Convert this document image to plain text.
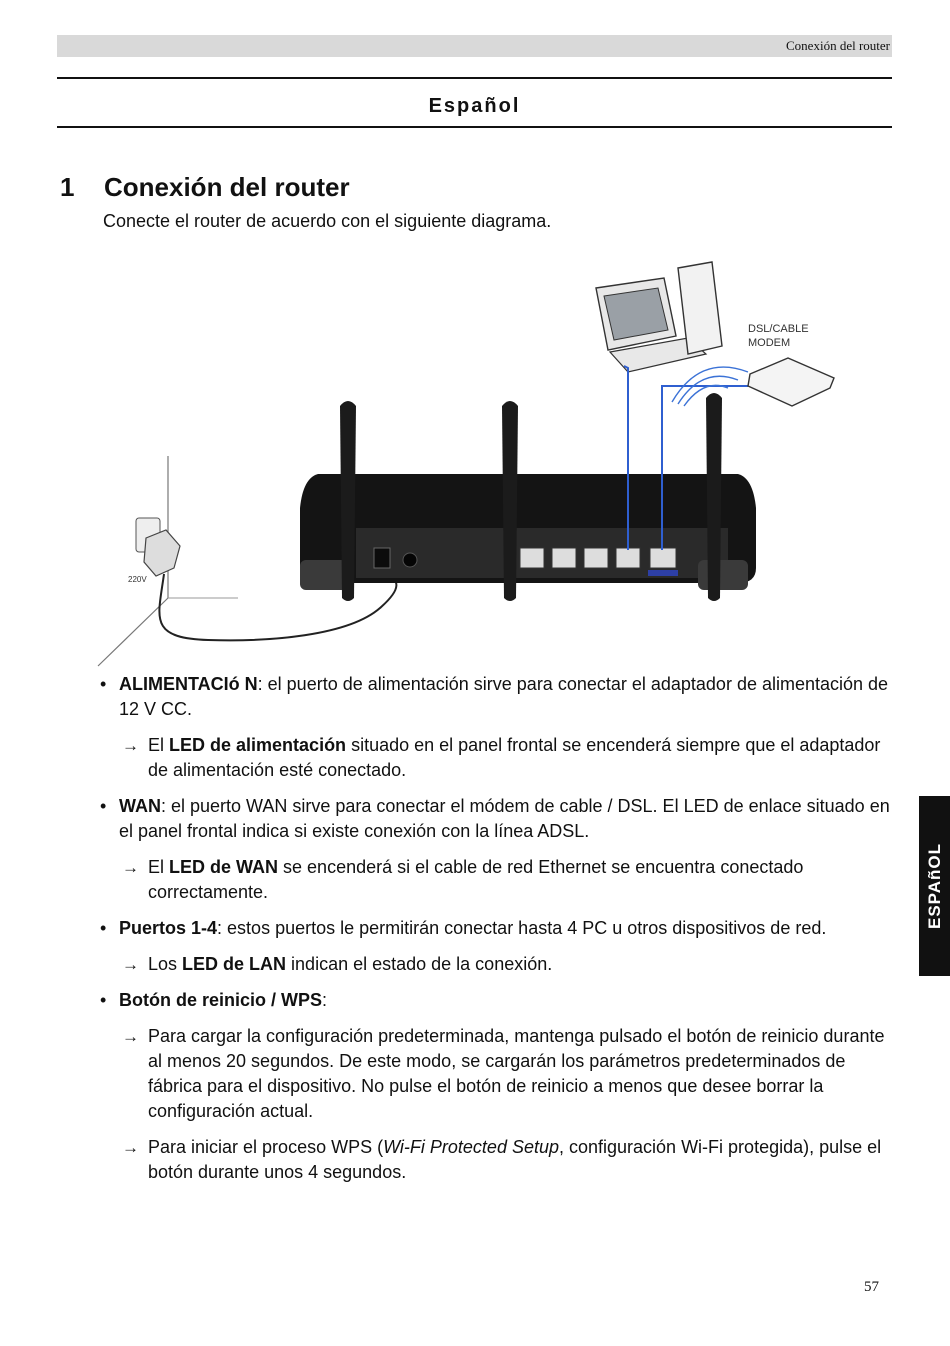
Conexión del router
Español
1 Conexión del router
Conecte el router de acuerdo con el siguiente diagrama.
220V
DSL/CABLE
MODEM
• ALIMENTACIó N: el puerto de alimentación sirve para conectar el adaptador de alimentación de 12 V CC.
→ El LED de alimentación situado en el panel frontal se encenderá siempre que el adaptador de alimentación esté conectado.
• WAN: el puerto WAN sirve para conectar el módem de cable / DSL. El LED de enlace situado en el panel frontal indica si existe conexión con la línea ADSL.
→ El LED de WAN se encenderá si el cable de red Ethernet se encuentra conectado correctamente.
• Puertos 1-4: estos puertos le permitirán conectar hasta 4 PC u otros dispositivos de red.
→ Los LED de LAN indican el estado de la conexión.
• Botón de reinicio / WPS:
→ Para cargar la configuración predeterminada, mantenga pulsado el botón de reinicio durante al menos 20 segundos. De este modo, se cargarán los parámetros predeterminados de fábrica para el dispositivo. No pulse el botón de reinicio a menos que desee borrar la configuración actual.
→ Para iniciar el proceso WPS (Wi-Fi Protected Setup, configuración Wi-Fi protegida), pulse el botón durante unos 4 segundos.
ESPAñOL
57
